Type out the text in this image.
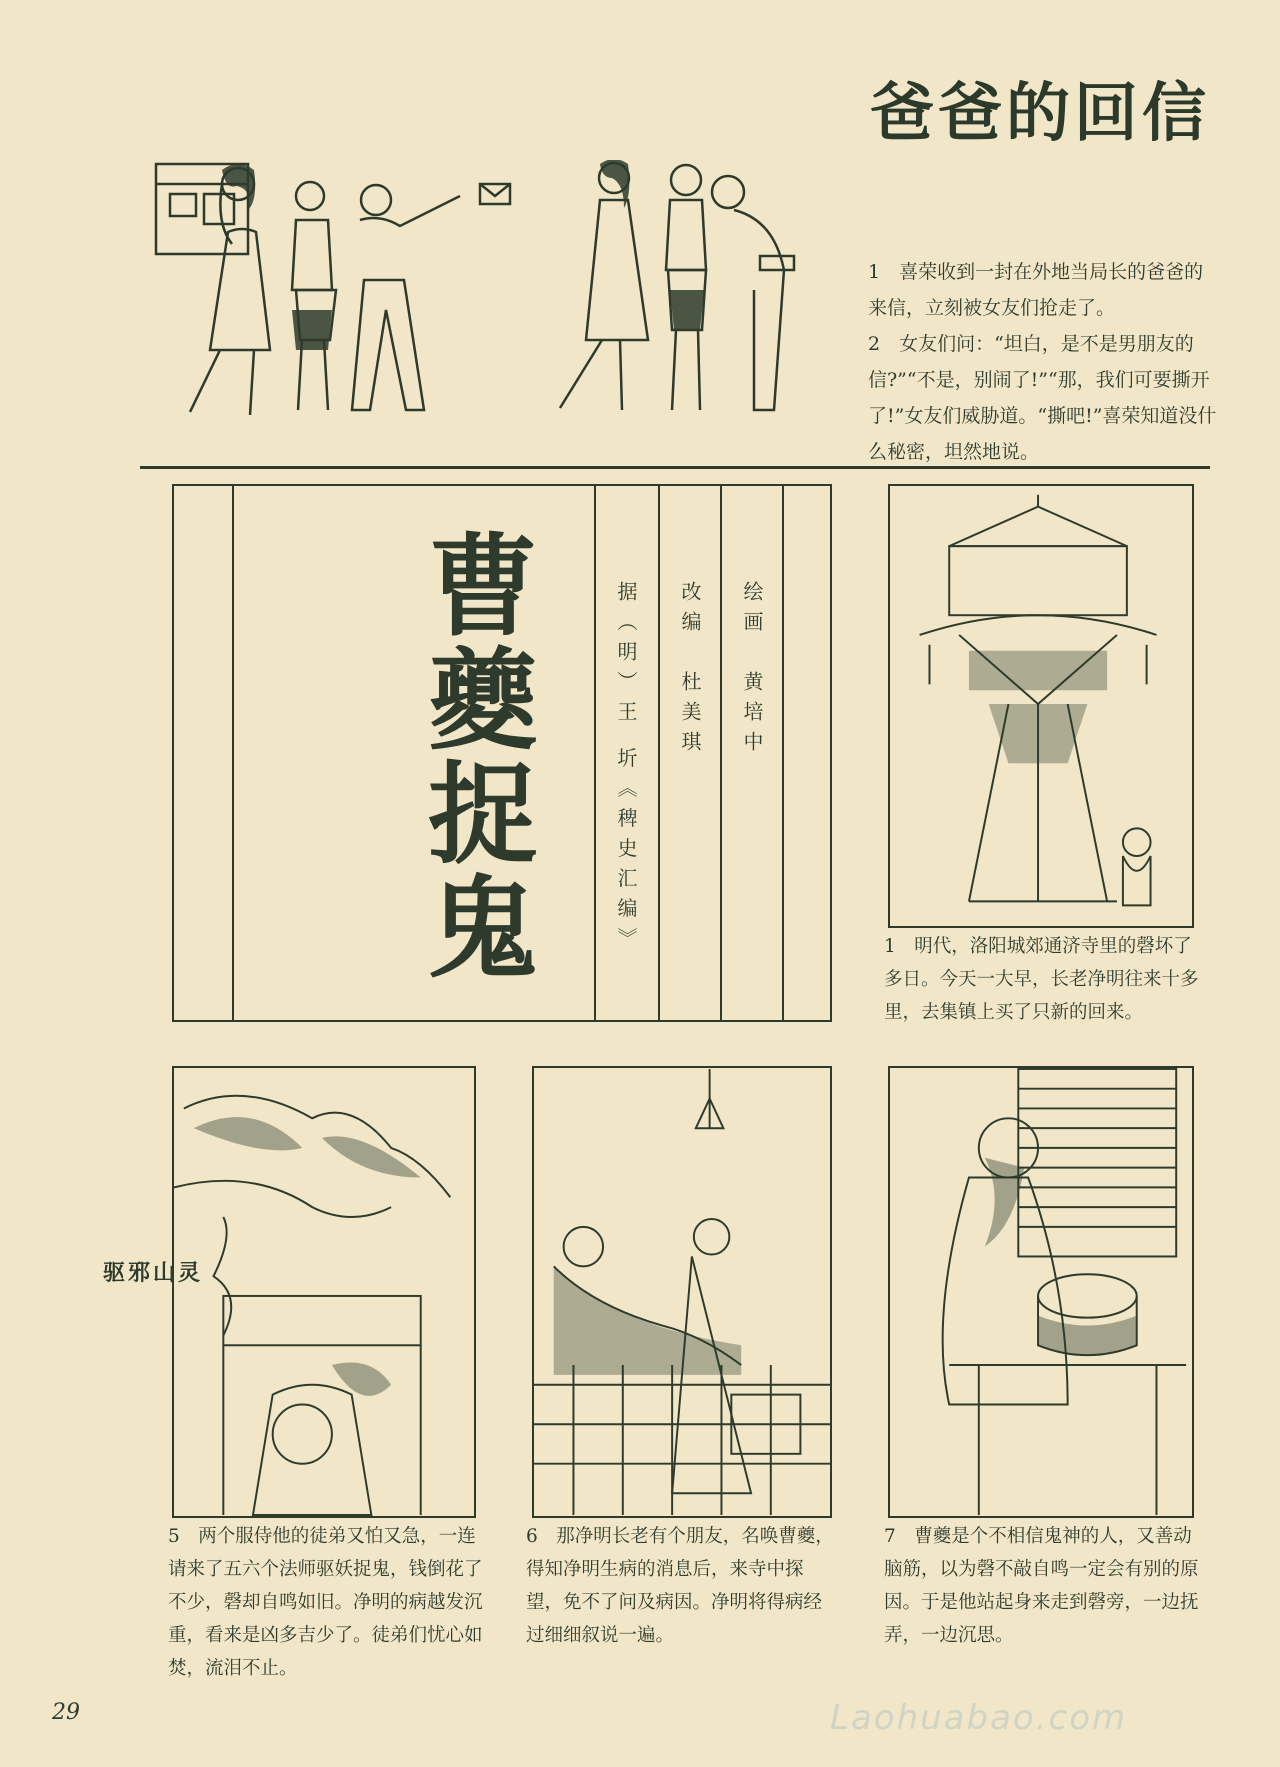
爸爸的回信

1　喜荣收到一封在外地当局长的爸爸的来信，立刻被女友们抢走了。

2　女友们问：“坦白，是不是男朋友的信?”“不是，别闹了!”“那，我们可要撕开了!”女友们威胁道。“撕吧!”喜荣知道没什么秘密，坦然地说。

曹夔捉鬼	据（明）王 圻《稗史汇编》 改编　杜美琪 绘画　黄培中

1　明代，洛阳城郊通济寺里的磬坏了多日。今天一大早，长老净明往来十多里，去集镇上买了只新的回来。

驱邪山灵

5　两个服侍他的徒弟又怕又急，一连请来了五六个法师驱妖捉鬼，钱倒花了不少，磬却自鸣如旧。净明的病越发沉重，看来是凶多吉少了。徒弟们忧心如焚，流泪不止。

6　那净明长老有个朋友，名唤曹夔，得知净明生病的消息后，来寺中探望，免不了问及病因。净明将得病经过细细叙说一遍。

7　曹夔是个不相信鬼神的人，又善动脑筋，以为磬不敲自鸣一定会有别的原因。于是他站起身来走到磬旁，一边抚弄，一边沉思。

29	Laohuabao.com
